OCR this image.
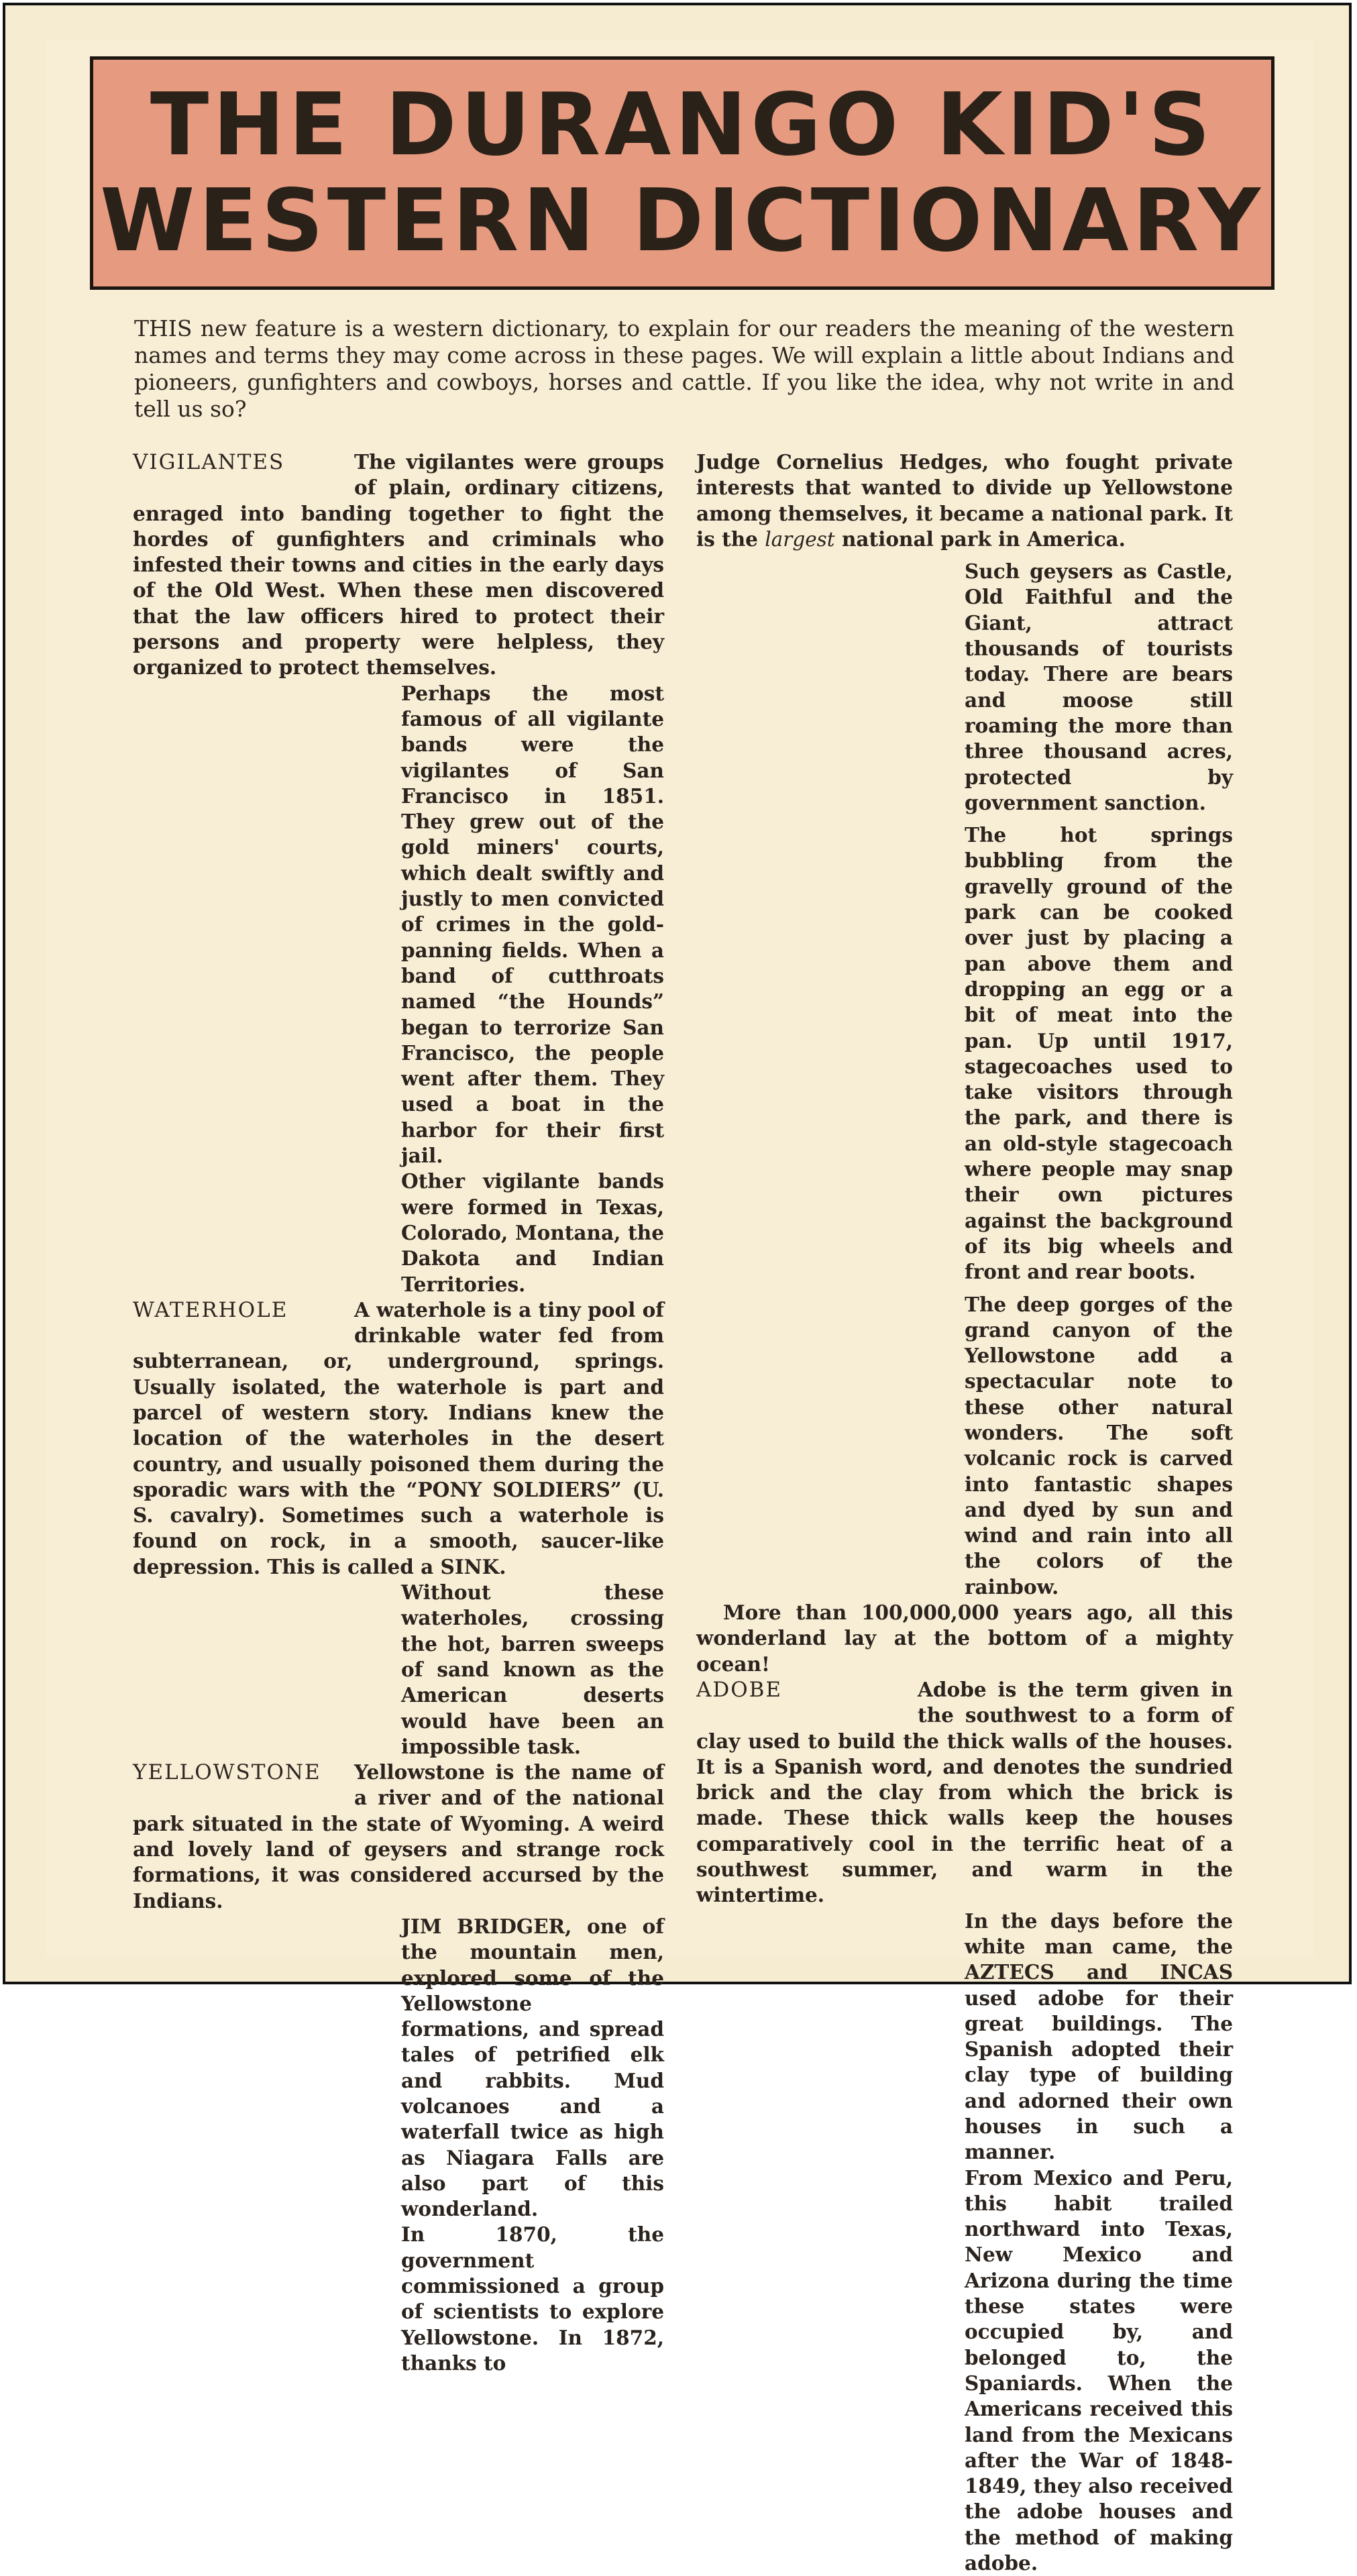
THE DURANGO KID'S
WESTERN DICTIONARY
THIS new feature is a western dictionary, to explain for our readers the meaning of the western names and terms they may come across in these pages. We will explain a little about Indians and pioneers, gunfighters and cowboys, horses and cattle. If you like the idea, why not write in and tell us so?

VIGILANTES	The vigilantes were groups of plain, ordinary citizens, enraged into banding together to fight the hordes of gunfighters and criminals who infested their towns and cities in the early days of the Old West. When these men discovered that the law officers hired to protect their persons and property were helpless, they organized to protect themselves.

Perhaps the most famous of all vigilante bands were the vigilantes of San Francisco in 1851. They grew out of the gold miners' courts, which dealt swiftly and justly to men convicted of crimes in the gold-panning fields. When a band of cutthroats named “the Hounds” began to terrorize San Francisco, the people went after them. They used a boat in the harbor for their first jail.

Other vigilante bands were formed in Texas, Colorado, Montana, the Dakota and Indian Territories.

WATERHOLE	A waterhole is a tiny pool of drinkable water fed from subterranean, or, underground, springs. Usually isolated, the waterhole is part and parcel of western story. Indians knew the location of the waterholes in the desert country, and usually poisoned them during the sporadic wars with the “PONY SOLDIERS” (U. S. cavalry). Sometimes such a waterhole is found on rock, in a smooth, saucer-like depression. This is called a SINK.

Without these waterholes, crossing the hot, barren sweeps of sand known as the American deserts would have been an impossible task.

YELLOWSTONE	Yellowstone is the name of a river and of the national park situated in the state of Wyoming. A weird and lovely land of geysers and strange rock formations, it was considered accursed by the Indians.

JIM BRIDGER, one of the mountain men, explored some of the Yellowstone formations, and spread tales of petrified elk and rabbits. Mud volcanoes and a waterfall twice as high as Niagara Falls are also part of this wonderland.

In 1870, the government commissioned a group of scientists to explore Yellowstone. In 1872, thanks to

Judge Cornelius Hedges, who fought private interests that wanted to divide up Yellowstone among themselves, it became a national park. It is the largest national park in America.

Such geysers as Castle, Old Faithful and the Giant, attract thousands of tourists today. There are bears and moose still roaming the more than three thousand acres, protected by government sanction.

The hot springs bubbling from the gravelly ground of the park can be cooked over just by placing a pan above them and dropping an egg or a bit of meat into the pan. Up until 1917, stagecoaches used to take visitors through the park, and there is an old-style stagecoach where people may snap their own pictures against the background of its big wheels and front and rear boots.

The deep gorges of the grand canyon of the Yellowstone add a spectacular note to these other natural wonders. The soft volcanic rock is carved into fantastic shapes and dyed by sun and wind and rain into all the colors of the rainbow.

More than 100,000,000 years ago, all this wonderland lay at the bottom of a mighty ocean!

ADOBE	Adobe is the term given in the southwest to a form of clay used to build the thick walls of the houses. It is a Spanish word, and denotes the sundried brick and the clay from which the brick is made. These thick walls keep the houses comparatively cool in the terrific heat of a southwest summer, and warm in the wintertime.

In the days before the white man came, the AZTECS and INCAS used adobe for their great buildings. The Spanish adopted their clay type of building and adorned their own houses in such a manner.

From Mexico and Peru, this habit trailed northward into Texas, New Mexico and Arizona during the time these states were occupied by, and belonged to, the Spaniards. When the Americans received this land from the Mexicans after the War of 1848-1849, they also received the adobe houses and the method of making adobe.
